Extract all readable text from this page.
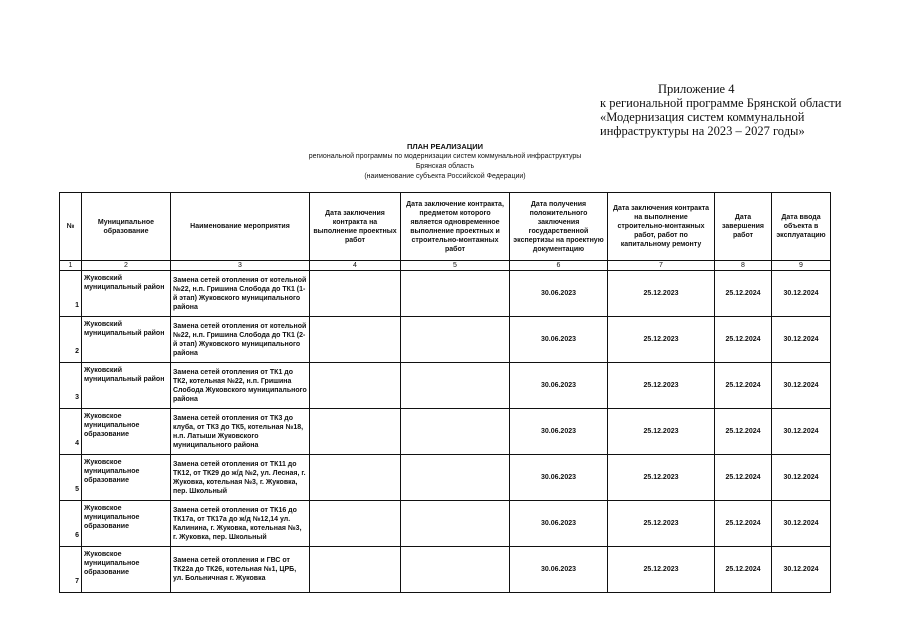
Приложение 4
к региональной программе Брянской области
«Модернизация систем коммунальной
инфраструктуры на 2023 – 2027 годы»
ПЛАН РЕАЛИЗАЦИИ
региональной программы по модернизации систем коммунальной инфраструктуры
Брянская область
(наименование субъекта Российской Федерации)
№	Муниципальное образование	Наименование мероприятия	Дата заключения контракта на выполнение проектных работ	Дата заключение контракта, предметом которого является одновременное выполнение проектных и строительно-монтажных работ	Дата получения положительного заключения государственной экспертизы на проектную документацию	Дата заключения контракта на выполнение строительно-монтажных работ, работ по капитальному ремонту	Дата завершения работ	Дата ввода объекта в эксплуатацию
1	2	3	4	5	6	7	8	9
1	Жуковский муниципальный район	Замена сетей отопления от котельной №22, н.п. Гришина Слобода до ТК1 (1-й этап) Жуковского муниципального района			30.06.2023	25.12.2023	25.12.2024	30.12.2024
2	Жуковский муниципальный район	Замена сетей отопления от котельной №22, н.п. Гришина Слобода до ТК1 (2-й этап) Жуковского муниципального района			30.06.2023	25.12.2023	25.12.2024	30.12.2024
3	Жуковский муниципальный район	Замена сетей отопления от ТК1 до ТК2, котельная №22, н.п. Гришина Слобода Жуковского муниципального района			30.06.2023	25.12.2023	25.12.2024	30.12.2024
4	Жуковское муниципальное образование	Замена сетей отопления от ТК3 до клуба, от ТК3 до ТК5, котельная №18, н.п. Латыши Жуковского муниципального района			30.06.2023	25.12.2023	25.12.2024	30.12.2024
5	Жуковское муниципальное образование	Замена сетей отопления от ТК11 до ТК12, от ТК29 до ж/д №2, ул. Лесная, г. Жуковка, котельная №3, г. Жуковка, пер. Школьный			30.06.2023	25.12.2023	25.12.2024	30.12.2024
6	Жуковское муниципальное образование	Замена сетей отопления от ТК16 до ТК17а, от ТК17а до ж/д №12,14 ул. Калинина, г. Жуковка, котельная №3, г. Жуковка, пер. Школьный			30.06.2023	25.12.2023	25.12.2024	30.12.2024
7	Жуковское муниципальное образование	Замена сетей отопления и ГВС от ТК22а до ТК26, котельная №1, ЦРБ, ул. Больничная г. Жуковка			30.06.2023	25.12.2023	25.12.2024	30.12.2024
